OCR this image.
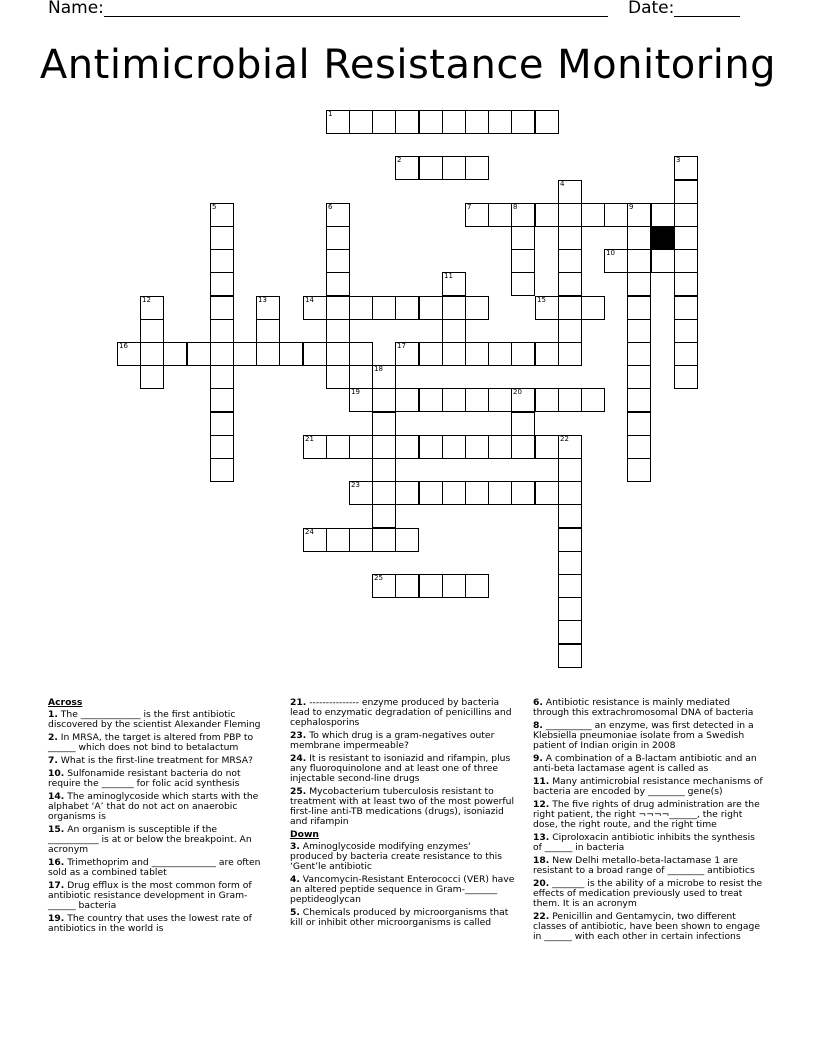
Name:	Date:
Antimicrobial Resistance Monitoring
1
2	3
4
5	6	7	8	9
10
11
12	13	14	15
16	17
18
19	20
21	22
23
24
25

Across

1. The _____________ is the first antibiotic discovered by the scientist Alexander Fleming

2. In MRSA, the target is altered from PBP to ______ which does not bind to betalactum

7. What is the first-line treatment for MRSA?

10. Sulfonamide resistant bacteria do not require the _______ for folic acid synthesis

14. The aminoglycoside which starts with the alphabet ‘A’ that do not act on anaerobic organisms is

15. An organism is susceptible if the ___________ is at or below the breakpoint. An acronym

16. Trimethoprim and ______________ are often sold as a combined tablet

17. Drug efflux is the most common form of antibiotic resistance development in Gram-______ bacteria

19. The country that uses the lowest rate of antibiotics in the world is

21. --------------- enzyme produced by bacteria lead to enzymatic degradation of penicillins and cephalosporins

23. To which drug is a gram-negatives outer membrane impermeable?

24. It is resistant to isoniazid and rifampin, plus any fluoroquinolone and at least one of three injectable second-line drugs

25. Mycobacterium tuberculosis resistant to treatment with at least two of the most powerful first-line anti-TB medications (drugs), isoniazid and rifampin

Down

3. Aminoglycoside modifying enzymes' produced by bacteria create resistance to this ‘Gent’le antibiotic

4. Vancomycin-Resistant Enterococci (VER) have an altered peptide sequence in Gram-_______ peptideoglycan

5. Chemicals produced by microorganisms that kill or inhibit other microorganisms is called

6. Antibiotic resistance is mainly mediated through this extrachromosomal DNA of bacteria

8. __________ an enzyme, was first detected in a Klebsiella pneumoniae isolate from a Swedish patient of Indian origin in 2008

9. A combination of a B-lactam antibiotic and an anti-beta lactamase agent is called as

11. Many antimicrobial resistance mechanisms of bacteria are encoded by ________ gene(s)

12. The five rights of drug administration are the right patient, the right ¬¬¬¬______, the right dose, the right route, and the right time

13. Ciproloxacin antibiotic inhibits the synthesis of ______ in bacteria

18. New Delhi metallo-beta-lactamase 1 are resistant to a broad range of ________ antibiotics

20. _______ is the ability of a microbe to resist the effects of medication previously used to treat them. It is an acronym

22. Penicillin and Gentamycin, two different classes of antibiotic, have been shown to engage in ______ with each other in certain infections
